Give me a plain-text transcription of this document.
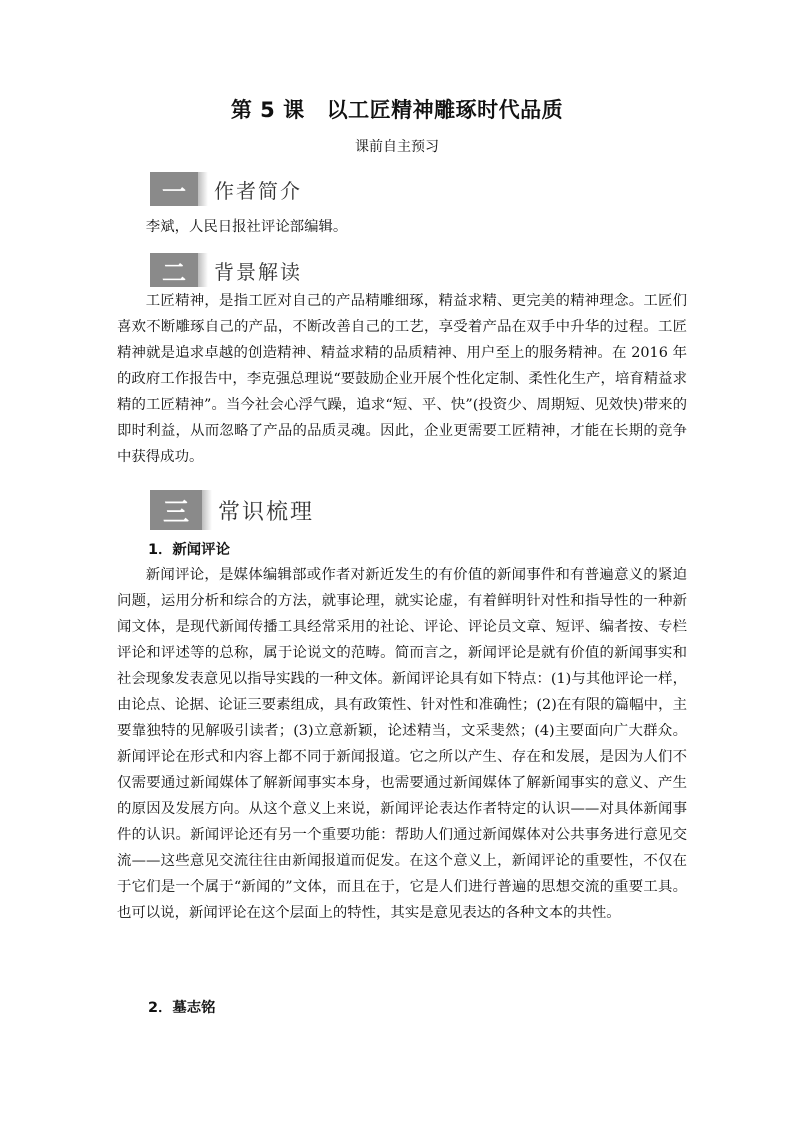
第 5 课 以工匠精神雕琢时代品质
课前自主预习
一	作者简介

李斌，人民日报社评论部编辑。

二	背景解读

工匠精神，是指工匠对自己的产品精雕细琢，精益求精、更完美的精神理念。工匠们喜欢不断雕琢自己的产品，不断改善自己的工艺，享受着产品在双手中升华的过程。工匠精神就是追求卓越的创造精神、精益求精的品质精神、用户至上的服务精神。在 2016 年的政府工作报告中，李克强总理说“要鼓励企业开展个性化定制、柔性化生产，培育精益求精的工匠精神”。当今社会心浮气躁，追求“短、平、快”(投资少、周期短、见效快)带来的即时利益，从而忽略了产品的品质灵魂。因此，企业更需要工匠精神，才能在长期的竞争中获得成功。

三	常识梳理
1．新闻评论

新闻评论，是媒体编辑部或作者对新近发生的有价值的新闻事件和有普遍意义的紧迫问题，运用分析和综合的方法，就事论理，就实论虚，有着鲜明针对性和指导性的一种新闻文体，是现代新闻传播工具经常采用的社论、评论、评论员文章、短评、编者按、专栏评论和评述等的总称，属于论说文的范畴。简而言之，新闻评论是就有价值的新闻事实和社会现象发表意见以指导实践的一种文体。新闻评论具有如下特点：(1)与其他评论一样，由论点、论据、论证三要素组成，具有政策性、针对性和准确性；(2)在有限的篇幅中，主要靠独特的见解吸引读者；(3)立意新颖，论述精当，文采斐然；(4)主要面向广大群众。新闻评论在形式和内容上都不同于新闻报道。它之所以产生、存在和发展，是因为人们不仅需要通过新闻媒体了解新闻事实本身，也需要通过新闻媒体了解新闻事实的意义、产生的原因及发展方向。从这个意义上来说，新闻评论表达作者特定的认识——对具体新闻事件的认识。新闻评论还有另一个重要功能：帮助人们通过新闻媒体对公共事务进行意见交流——这些意见交流往往由新闻报道而促发。在这个意义上，新闻评论的重要性，不仅在于它们是一个属于“新闻的”文体，而且在于，它是人们进行普遍的思想交流的重要工具。也可以说，新闻评论在这个层面上的特性，其实是意见表达的各种文本的共性。

2．墓志铭
